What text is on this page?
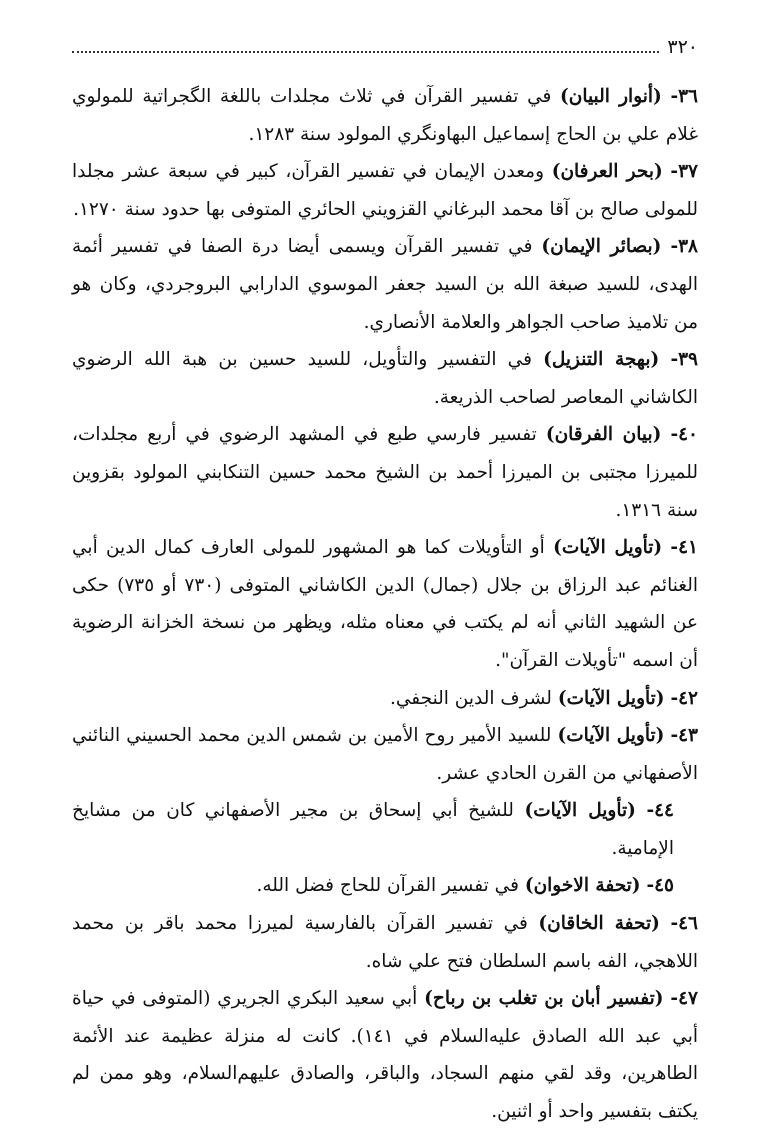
٣٢٠

٣٦- (أنوار البيان) في تفسير القرآن في ثلاث مجلدات باللغة الگجراتية للمولوي غلام علي بن الحاج إسماعيل البهاونگري المولود سنة ١٢٨٣.

٣٧- (بحر العرفان) ومعدن الإيمان في تفسير القرآن، كبير في سبعة عشر مجلدا للمولى صالح بن آقا محمد البرغاني القزويني الحائري المتوفى بها حدود سنة ١٢٧٠.

٣٨- (بصائر الإيمان) في تفسير القرآن ويسمى أيضا درة الصفا في تفسير أئمة الهدى، للسيد صبغة الله بن السيد جعفر الموسوي الدارابي البروجردي، وكان هو من تلاميذ صاحب الجواهر والعلامة الأنصاري.

٣٩- (بهجة التنزيل) في التفسير والتأويل، للسيد حسين بن هبة الله الرضوي الكاشاني المعاصر لصاحب الذريعة.

٤٠- (بيان الفرقان) تفسير فارسي طبع في المشهد الرضوي في أربع مجلدات، للميرزا مجتبى بن الميرزا أحمد بن الشيخ محمد حسين التنكابني المولود بقزوين سنة ١٣١٦.

٤١- (تأويل الآيات) أو التأويلات كما هو المشهور للمولى العارف كمال الدين أبي الغنائم عبد الرزاق بن جلال (جمال) الدين الكاشاني المتوفى (٧٣٠ أو ٧٣٥) حكى عن الشهيد الثاني أنه لم يكتب في معناه مثله، ويظهر من نسخة الخزانة الرضوية أن اسمه "تأويلات القرآن".

٤٢- (تأويل الآيات) لشرف الدين النجفي.

٤٣- (تأويل الآيات) للسيد الأمير روح الأمين بن شمس الدين محمد الحسيني النائني الأصفهاني من القرن الحادي عشر.

٤٤- (تأويل الآيات) للشيخ أبي إسحاق بن مجير الأصفهاني كان من مشايخ الإمامية.

٤٥- (تحفة الاخوان) في تفسير القرآن للحاج فضل الله.

٤٦- (تحفة الخاقان) في تفسير القرآن بالفارسية لميرزا محمد باقر بن محمد اللاهجي، الفه باسم السلطان فتح علي شاه.

٤٧- (تفسير أبان بن تغلب بن رباح) أبي سعيد البكري الجريري (المتوفى في حياة أبي عبد الله الصادق عليه‌السلام في ١٤١). كانت له منزلة عظيمة عند الأئمة الطاهرين، وقد لقي منهم السجاد، والباقر، والصادق عليهم‌السلام، وهو ممن لم يكتف بتفسير واحد أو اثنين.
